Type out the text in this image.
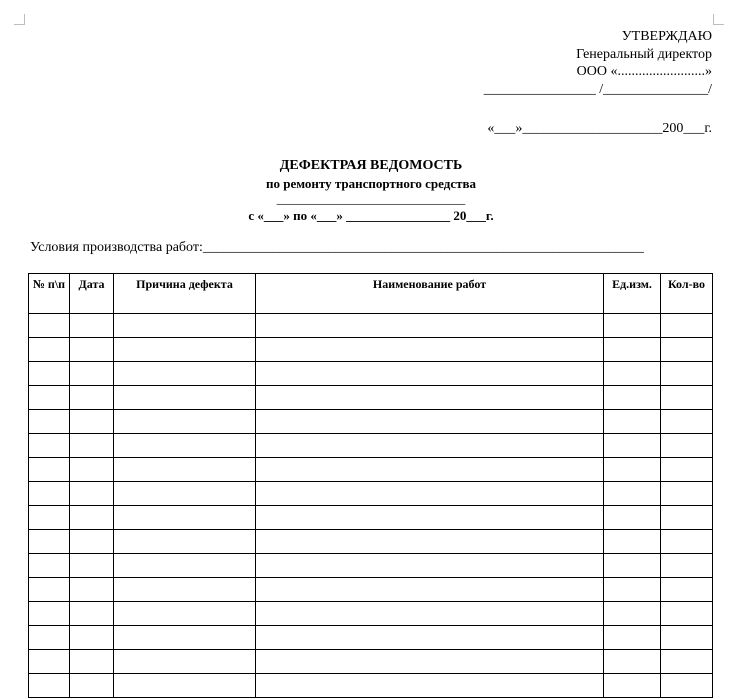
УТВЕРЖДАЮ
Генеральный директор
ООО «.........................»
________________ /_______________/
«___»____________________200___г.
ДЕФЕКТРАЯ ВЕДОМОСТЬ
по ремонту транспортного средства
_____________________________
с «___» по «___» ________________ 20___г.
Условия производства работ:_______________________________________________________________
№ п\п	Дата	Причина дефекта	Наименование работ	Ед.изм.	Кол-во
